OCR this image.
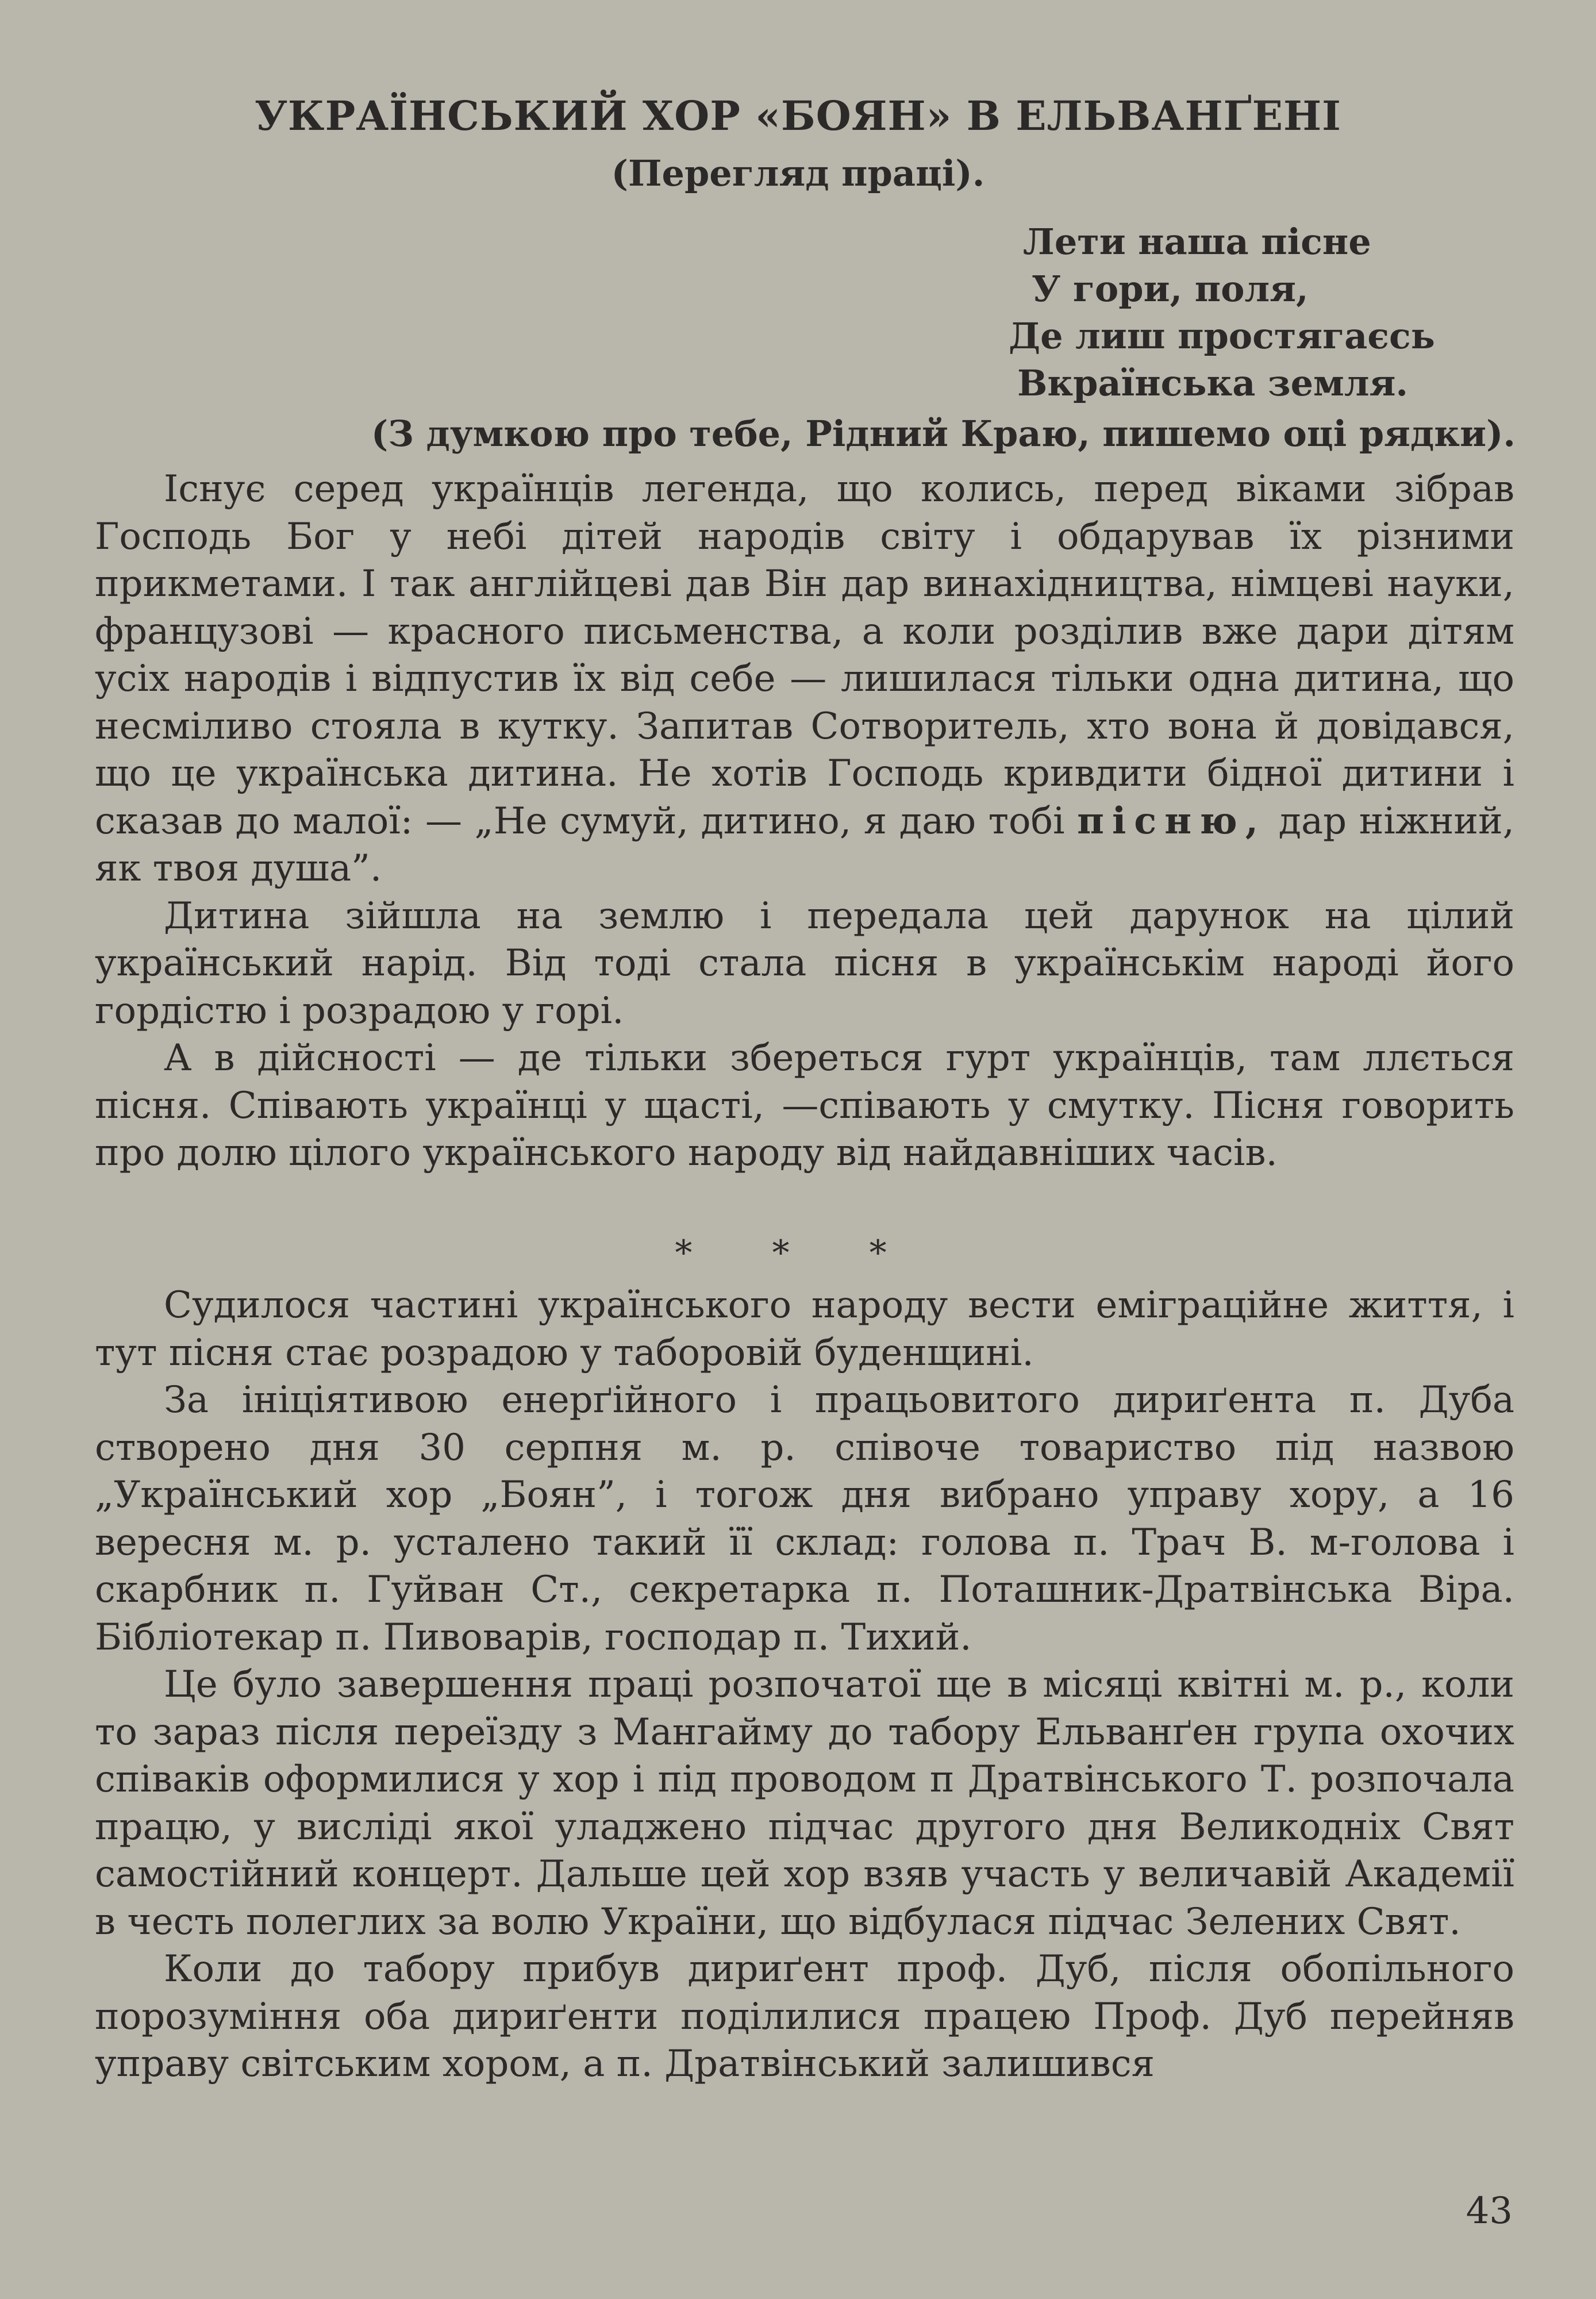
УКРАЇНСЬКИЙ ХОР «БОЯН» В ЕЛЬВАНҐЕНІ
(Перегляд праці).
Лети наша пісне
У гори, поля,
Де лиш простягаєсь
Вкраїнська земля.
(З думкою про тебе, Рідний Краю, пишемо оці рядки).

Існує серед українців легенда, що колись, перед віками зібрав Господь Бог у небі дітей народів світу і обдарував їх різними прикметами. І так англійцеві дав Він дар винахідництва, німцеві науки, французові — красного письменства, а коли розділив вже дари дітям усіх народів і відпустив їх від себе — лишилася тільки одна дитина, що несміливо стояла в кутку. Запитав Сотворитель, хто вона й довідався, що це українська дитина. Не хотів Господь кривдити бідної дитини і сказав до малої: — „Не сумуй, дитино, я даю тобі пісню, дар ніжний, як твоя душа”.

Дитина зійшла на землю і передала цей дарунок на цілий український нарід. Від тоді стала пісня в українськім народі його гордістю і розрадою у горі.

А в дійсності — де тільки збереться гурт українців, там ллється пісня. Співають українці у щасті, —співають у смутку. Пісня говорить про долю цілого українського народу від найдавніших часів.

* * *

Судилося частині українського народу вести еміграційне життя, і тут пісня стає розрадою у таборовій буденщині.

За ініціятивою енерґійного і працьовитого дириґента п. Дуба створено дня 30 серпня м. р. співоче товариство під назвою „Український хор „Боян”, і тогож дня вибрано управу хору, а 16 вересня м. р. усталено такий її склад: голова п. Трач В. м-голова і скарбник п. Гуйван Ст., секретарка п. Поташник-Дратвінська Віра. Бібліотекар п. Пивоварів, господар п. Тихий.

Це було завершення праці розпочатої ще в місяці квітні м. р., коли то зараз після переїзду з Мангайму до табору Ельванґен група охочих співаків оформилися у хор і під проводом п Дратвінського Т. розпочала працю, у висліді якої уладжено підчас другого дня Великодніх Свят самостійний концерт. Дальше цей хор взяв участь у величавій Академії в честь полеглих за волю України, що відбулася підчас Зелених Свят.

Коли до табору прибув дириґент проф. Дуб, після обопільного порозуміння оба дириґенти поділилися працею Проф. Дуб перейняв управу світським хором, а п. Дратвінський залишився

43
